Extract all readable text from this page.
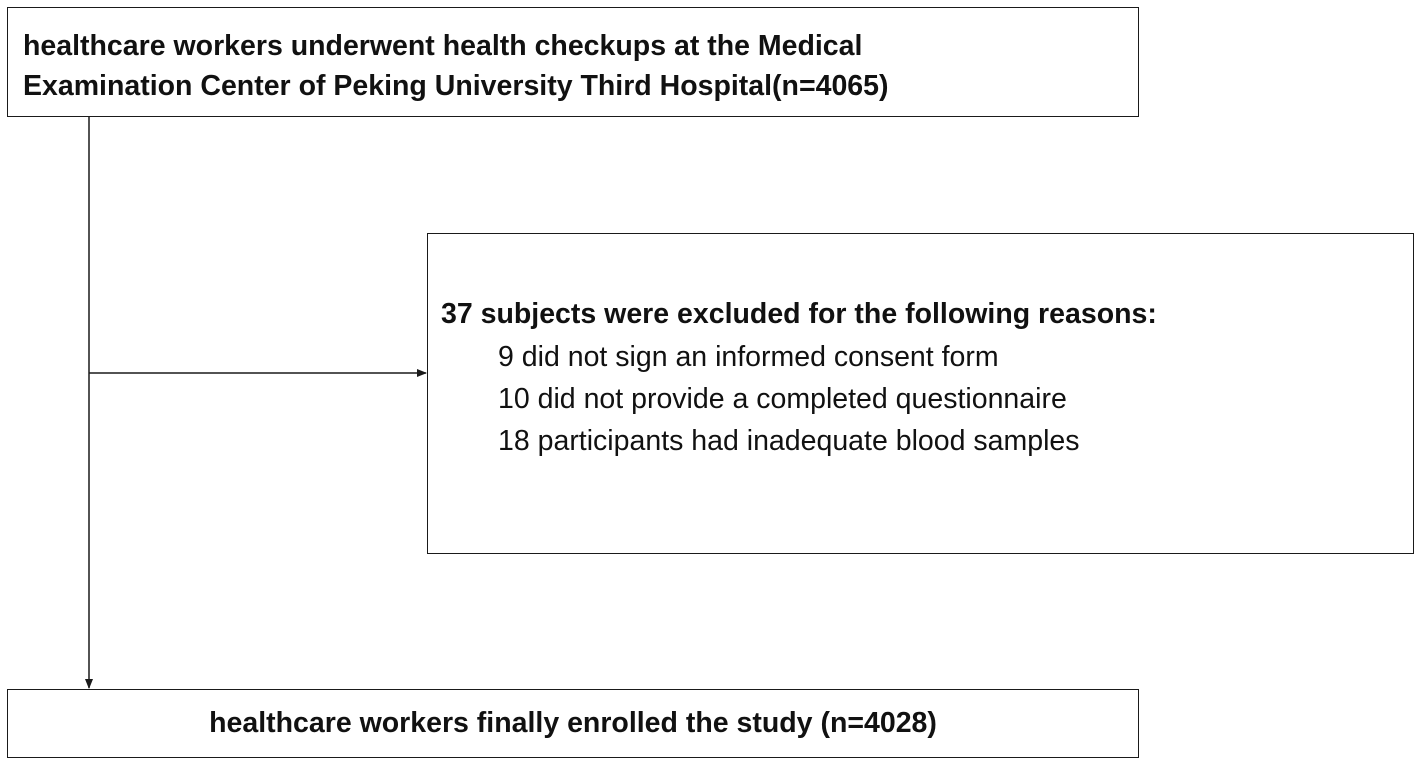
healthcare workers underwent health checkups at the Medical
Examination Center of Peking University Third Hospital(n=4065)
37 subjects were excluded for the following reasons:
9 did not sign an informed consent form
10 did not provide a completed questionnaire
18 participants had inadequate blood samples
healthcare workers finally enrolled the study (n=4028)
